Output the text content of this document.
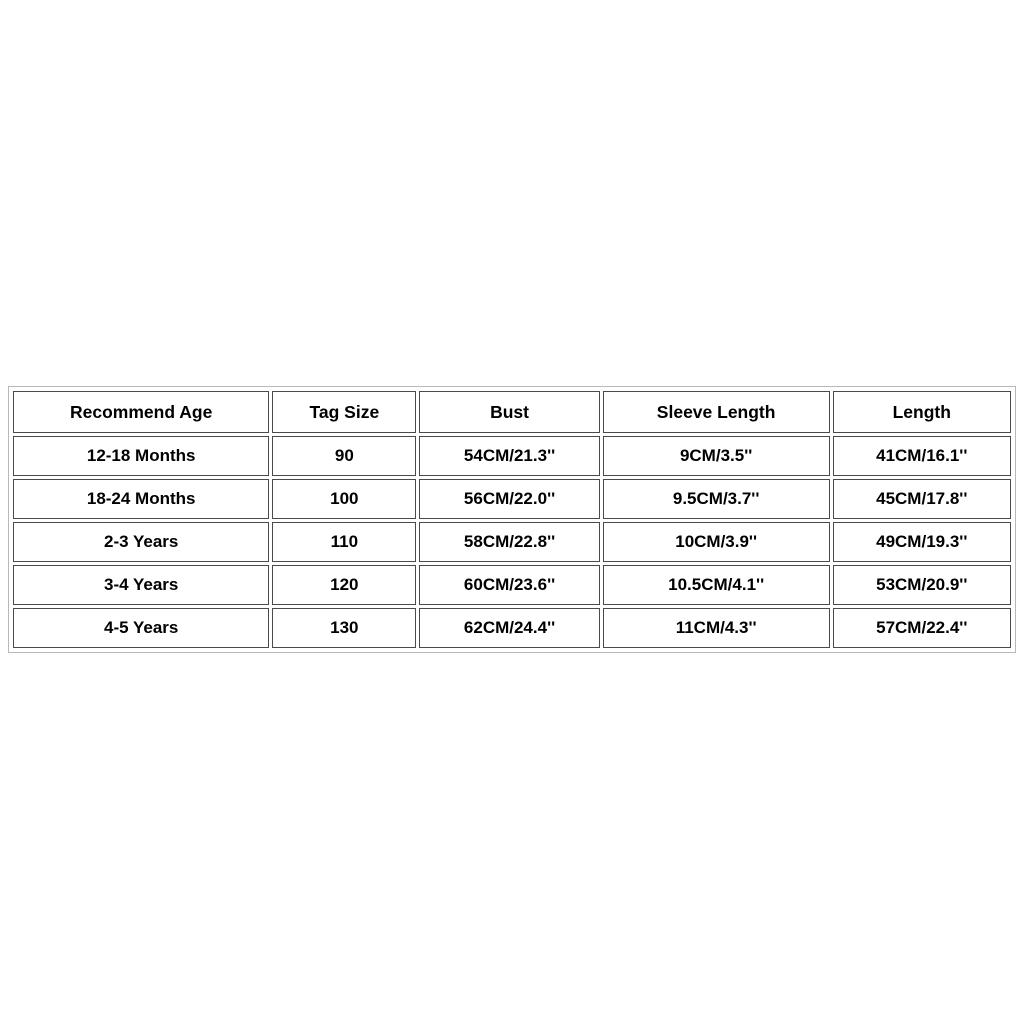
Recommend Age	Tag Size	Bust	Sleeve Length	Length
12-18 Months	90	54CM/21.3''	9CM/3.5''	41CM/16.1''
18-24 Months	100	56CM/22.0''	9.5CM/3.7''	45CM/17.8''
2-3 Years	110	58CM/22.8''	10CM/3.9''	49CM/19.3''
3-4 Years	120	60CM/23.6''	10.5CM/4.1''	53CM/20.9''
4-5 Years	130	62CM/24.4''	11CM/4.3''	57CM/22.4''
